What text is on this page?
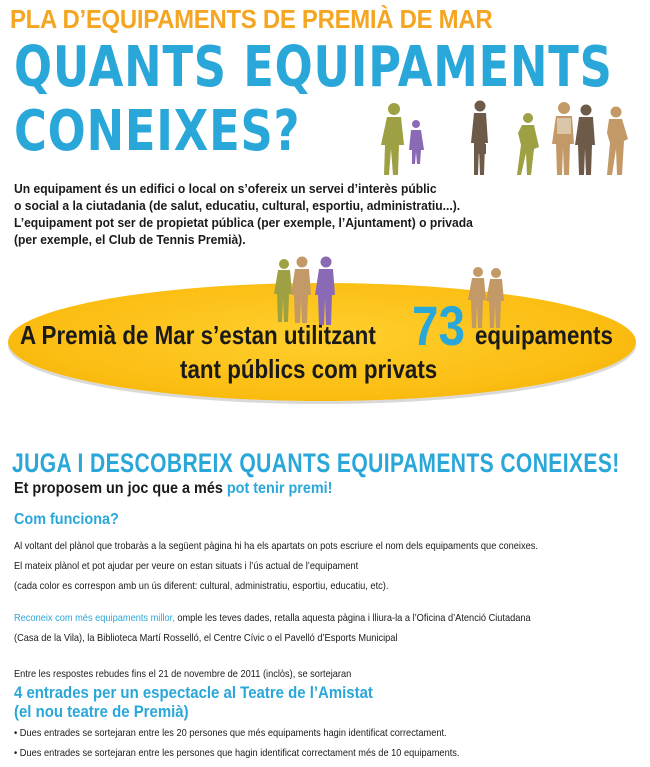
PLA D’EQUIPAMENTS DE PREMIÀ DE MAR
QUANTS EQUIPAMENTS
CONEIXES?
Un equipament és un edifici o local on s’ofereix un servei d’interès públic
o social a la ciutadania (de salut, educatiu, cultural, esportiu, administratiu...).
L’equipament pot ser de propietat pública (per exemple, l’Ajuntament) o privada
(per exemple, el Club de Tennis Premià).
A Premià de Mar s’estan utilitzant 73 equipaments
tant públics com privats
JUGA I DESCOBREIX QUANTS EQUIPAMENTS CONEIXES!
Et proposem un joc que a més pot tenir premi!
Com funciona?
Al voltant del plànol que trobaràs a la següent pàgina hi ha els apartats on pots escriure el nom dels equipaments que coneixes.
El mateix plànol et pot ajudar per veure on estan situats i l’ús actual de l’equipament
(cada color es correspon amb un ús diferent: cultural, administratiu, esportiu, educatiu, etc).
Reconeix com més equipaments millor, omple les teves dades, retalla aquesta pàgina i lliura-la a l’Oficina d’Atenció Ciutadana
(Casa de la Vila), la Biblioteca Martí Rosselló, el Centre Cívic o el Pavelló d’Esports Municipal
Entre les respostes rebudes fins el 21 de novembre de 2011 (inclòs), se sortejaran
4 entrades per un espectacle al Teatre de l’Amistat
(el nou teatre de Premià)
• Dues entrades se sortejaran entre les 20 persones que més equipaments hagin identificat correctament.
• Dues entrades se sortejaran entre les persones que hagin identificat correctament més de 10 equipaments.
